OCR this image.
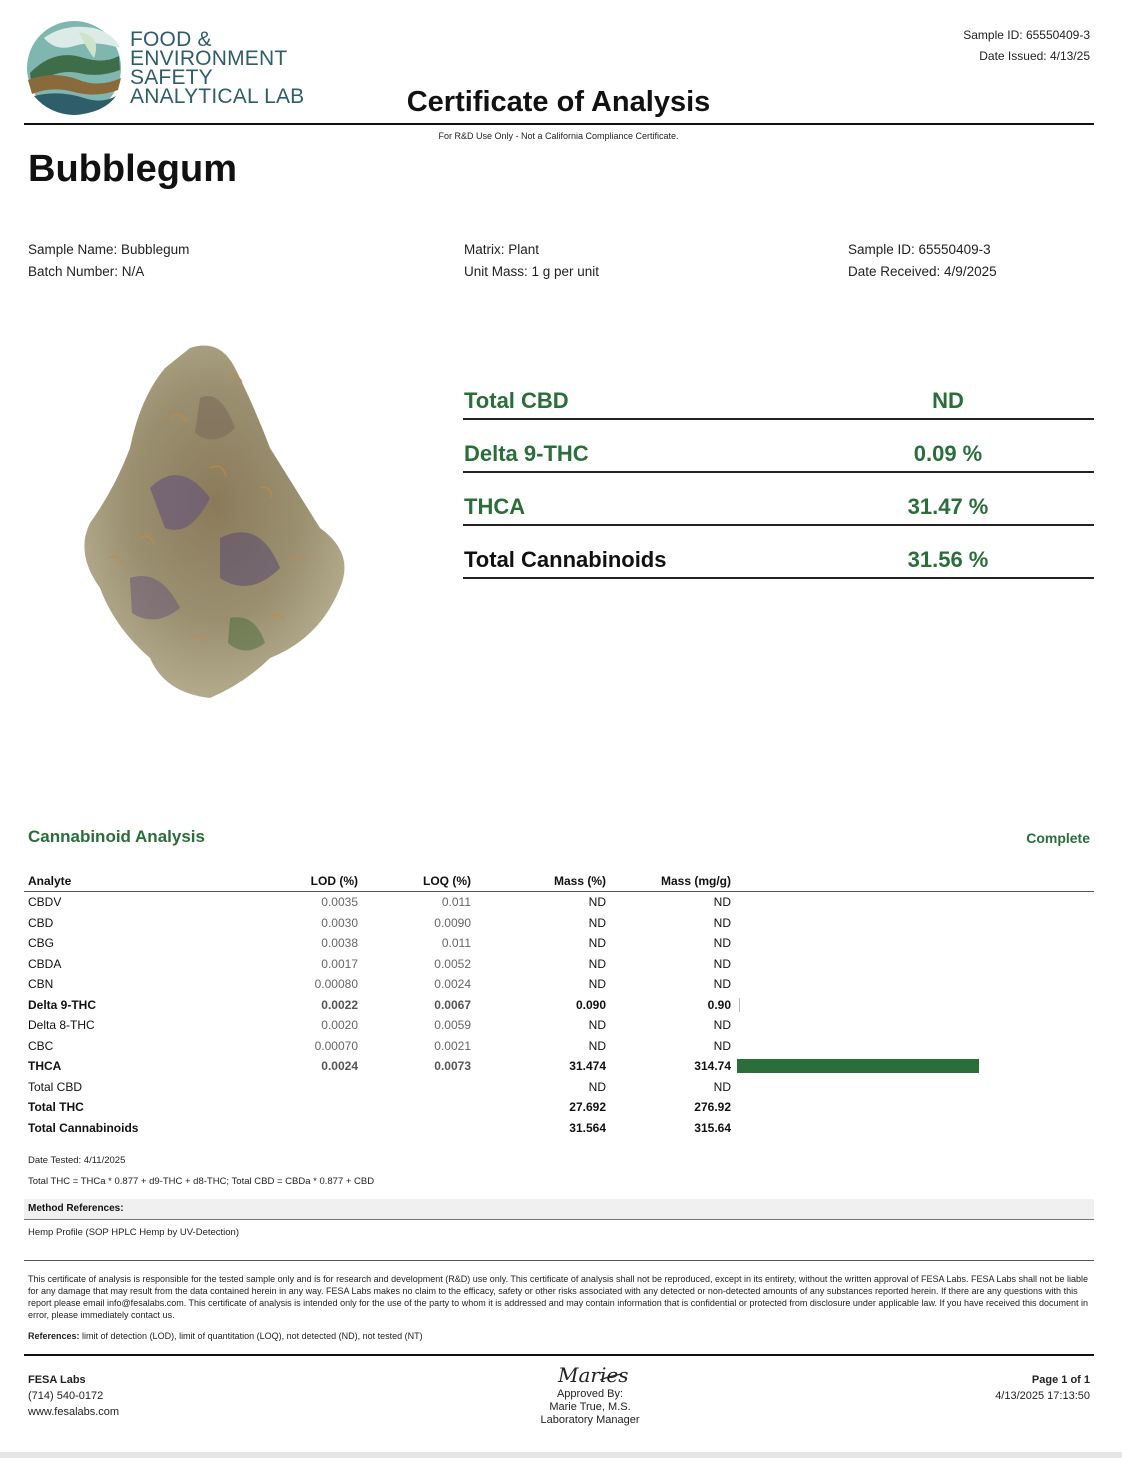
FOOD &
ENVIRONMENT
SAFETY
ANALYTICAL LAB
Sample ID: 65550409-3
Date Issued: 4/13/25
Certificate of Analysis
For R&D Use Only - Not a California Compliance Certificate.
Bubblegum
Sample Name: Bubblegum
Batch Number: N/A
Matrix: Plant
Unit Mass: 1 g per unit
Sample ID: 65550409-3
Date Received: 4/9/2025
Total CBD	ND
Delta 9-THC	0.09 %
THCA	31.47 %
Total Cannabinoids	31.56 %
Cannabinoid Analysis	Complete
Analyte	LOD (%)	LOQ (%)	Mass (%)	Mass (mg/g)	
CBDV	0.0035	0.011	ND	ND	
CBD	0.0030	0.0090	ND	ND	
CBG	0.0038	0.011	ND	ND	
CBDA	0.0017	0.0052	ND	ND	
CBN	0.00080	0.0024	ND	ND	
Delta 9-THC	0.0022	0.0067	0.090	0.90	

Delta 8-THC	0.0020	0.0059	ND	ND	
CBC	0.00070	0.0021	ND	ND	
THCA	0.0024	0.0073	31.474	314.74	

Total CBD			ND	ND	
Total THC			27.692	276.92	
Total Cannabinoids			31.564	315.64	
Date Tested: 4/11/2025
Total THC = THCa * 0.877 + d9-THC + d8-THC; Total CBD = CBDa * 0.877 + CBD
Method References:
Hemp Profile (SOP HPLC Hemp by UV-Detection)
This certificate of analysis is responsible for the tested sample only and is for research and development (R&D) use only. This certificate of analysis shall not be reproduced, except in its entirety, without the written approval of FESA Labs. FESA Labs shall not be liable for any damage that may result from the data contained herein in any way. FESA Labs makes no claim to the efficacy, safety or other risks associated with any detected or non-detected amounts of any substances reported herein. If there are any questions with this report please email info@fesalabs.com. This certificate of analysis is intended only for the use of the party to whom it is addressed and may contain information that is confidential or protected from disclosure under applicable law. If you have received this document in error, please immediately contact us.
References: limit of detection (LOD), limit of quantitation (LOQ), not detected (ND), not tested (NT)
FESA Labs
(714) 540-0172
www.fesalabs.com
Maries
Approved By:
Marie True, M.S.
Laboratory Manager
Page 1 of 1
4/13/2025 17:13:50
